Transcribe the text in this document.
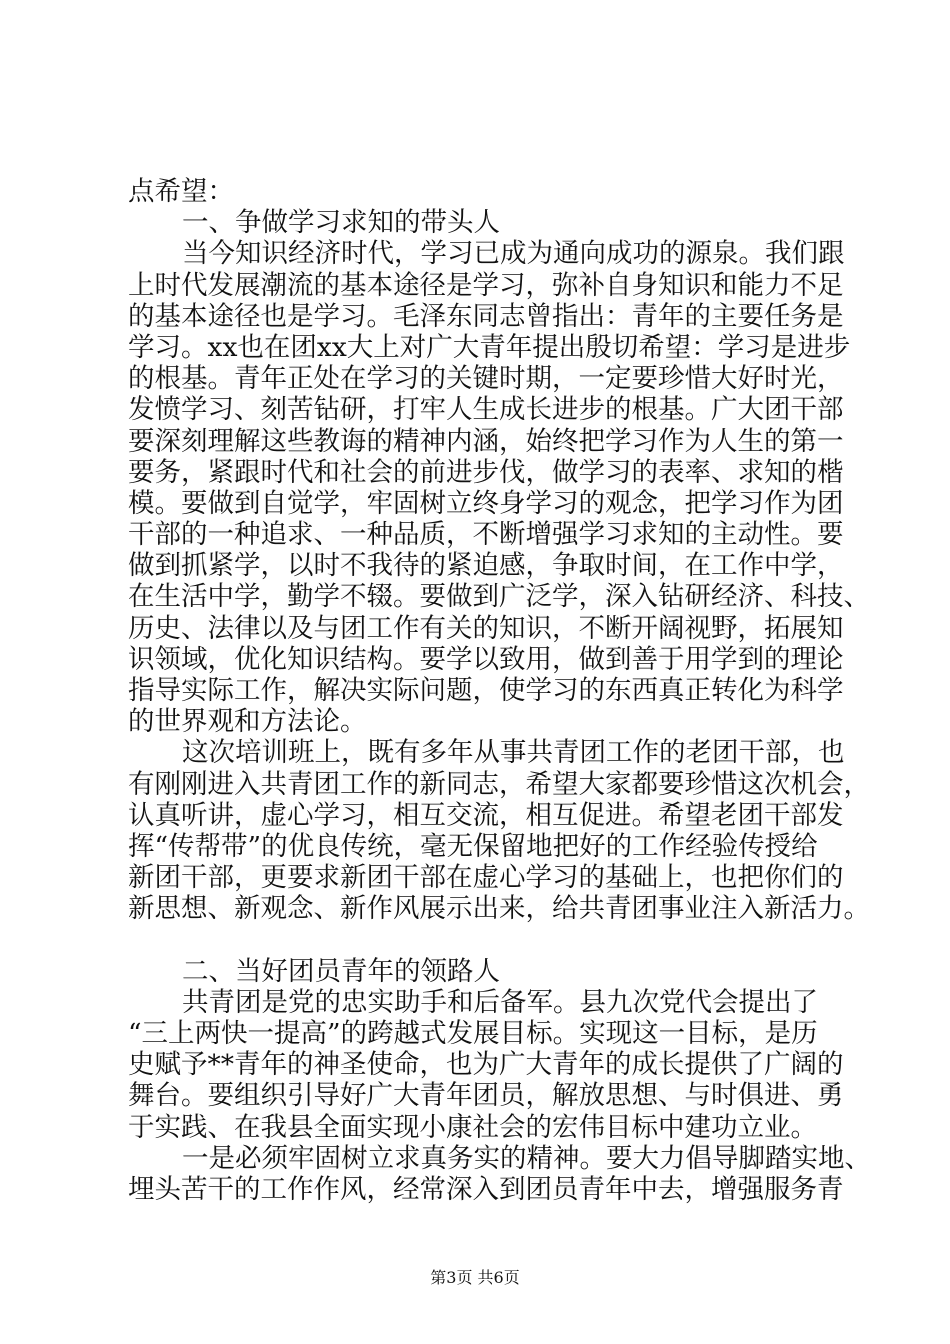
点希望：
一、争做学习求知的带头人
当今知识经济时代，学习已成为通向成功的源泉。我们跟
上时代发展潮流的基本途径是学习，弥补自身知识和能力不足
的基本途径也是学习。毛泽东同志曾指出：青年的主要任务是
学习。xx也在团xx大上对广大青年提出殷切希望：学习是进步
的根基。青年正处在学习的关键时期，一定要珍惜大好时光，
发愤学习、刻苦钻研，打牢人生成长进步的根基。广大团干部
要深刻理解这些教诲的精神内涵，始终把学习作为人生的第一
要务，紧跟时代和社会的前进步伐，做学习的表率、求知的楷
模。要做到自觉学，牢固树立终身学习的观念，把学习作为团
干部的一种追求、一种品质，不断增强学习求知的主动性。要
做到抓紧学，以时不我待的紧迫感，争取时间，在工作中学，
在生活中学，勤学不辍。要做到广泛学，深入钻研经济、科技、
历史、法律以及与团工作有关的知识，不断开阔视野，拓展知
识领域，优化知识结构。要学以致用，做到善于用学到的理论
指导实际工作，解决实际问题，使学习的东西真正转化为科学
的世界观和方法论。
这次培训班上，既有多年从事共青团工作的老团干部，也
有刚刚进入共青团工作的新同志，希望大家都要珍惜这次机会，
认真听讲，虚心学习，相互交流，相互促进。希望老团干部发
挥“传帮带”的优良传统，毫无保留地把好的工作经验传授给
新团干部，更要求新团干部在虚心学习的基础上，也把你们的
新思想、新观念、新作风展示出来，给共青团事业注入新活力。
二、当好团员青年的领路人
共青团是党的忠实助手和后备军。县九次党代会提出了
“三上两快一提高”的跨越式发展目标。实现这一目标，是历
史赋予**青年的神圣使命，也为广大青年的成长提供了广阔的
舞台。要组织引导好广大青年团员，解放思想、与时俱进、勇
于实践、在我县全面实现小康社会的宏伟目标中建功立业。
一是必须牢固树立求真务实的精神。要大力倡导脚踏实地、
埋头苦干的工作作风，经常深入到团员青年中去，增强服务青
第3页 共6页
